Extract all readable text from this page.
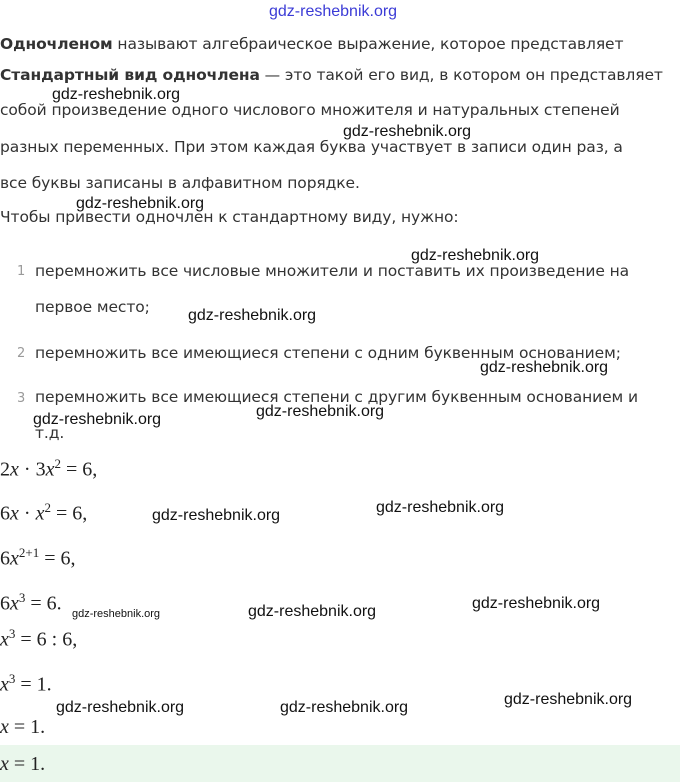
gdz-reshebnik.org
Одночленом называют алгебраическое выражение, которое представляет
Стандартный вид одночлена — это такой его вид, в котором он представляет
собой произведение одного числового множителя и натуральных степеней
разных переменных. При этом каждая буква участвует в записи один раз, а
все буквы записаны в алфавитном порядке.
Чтобы привести одночлен к стандартному виду, нужно:
1 перемножить все числовые множители и поставить их произведение на
первое место;
2 перемножить все имеющиеся степени с одним буквенным основанием;
3 перемножить все имеющиеся степени с другим буквенным основанием и
т.д.
$2x \cdot 3x^2 = 6$,
$6x \cdot x^2 = 6$,
$6x^{2+1} = 6$,
$6x^3 = 6$.
$x^3 = 6$ : 6,
$x^3 = 1$.
x = 1.
x = 1.
gdz-reshebnik.org
gdz-reshebnik.org
gdz-reshebnik.org
gdz-reshebnik.org
gdz-reshebnik.org
gdz-reshebnik.org
gdz-reshebnik.org	gdz-reshebnik.org
gdz-reshebnik.org
gdz-reshebnik.org
gdz-reshebnik.org
gdz-reshebnik.org
gdz-reshebnik.org
gdz-reshebnik.org
gdz-reshebnik.org	gdz-reshebnik.org
